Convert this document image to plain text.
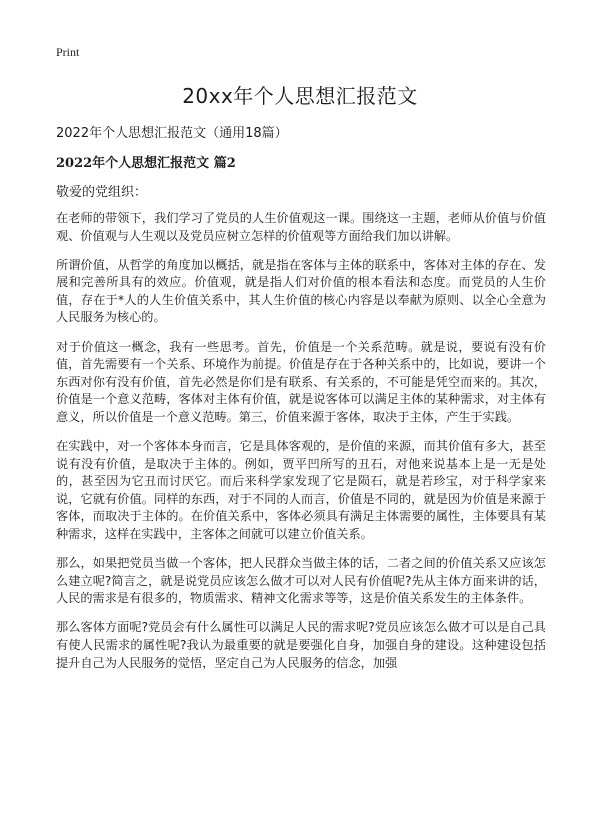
Print
20xx年个人思想汇报范文
2022年个人思想汇报范文（通用18篇）
2022年个人思想汇报范文 篇2
敬爱的党组织：

在老师的带领下，我们学习了党员的人生价值观这一课。围绕这一主题，老师从价值与价值观、价值观与人生观以及党员应树立怎样的价值观等方面给我们加以讲解。

所谓价值，从哲学的角度加以概括，就是指在客体与主体的联系中，客体对主体的存在、发展和完善所具有的效应。价值观，就是指人们对价值的根本看法和态度。而党员的人生价值，存在于*人的人生价值关系中，其人生价值的核心内容是以奉献为原则、以全心全意为人民服务为核心的。

对于价值这一概念，我有一些思考。首先，价值是一个关系范畴。就是说，要说有没有价值，首先需要有一个关系、环境作为前提。价值是存在于各种关系中的，比如说，要讲一个东西对你有没有价值，首先必然是你们是有联系、有关系的，不可能是凭空而来的。其次，价值是一个意义范畴，客体对主体有价值，就是说客体可以满足主体的某种需求，对主体有意义，所以价值是一个意义范畴。第三，价值来源于客体，取决于主体，产生于实践。

在实践中，对一个客体本身而言，它是具体客观的，是价值的来源，而其价值有多大，甚至说有没有价值，是取决于主体的。例如，贾平凹所写的丑石，对他来说基本上是一无是处的，甚至因为它丑而讨厌它。而后来科学家发现了它是陨石，就是若珍宝，对于科学家来说，它就有价值。同样的东西，对于不同的人而言，价值是不同的，就是因为价值是来源于客体，而取决于主体的。在价值关系中，客体必须具有满足主体需要的属性，主体要具有某种需求，这样在实践中，主客体之间就可以建立价值关系。

那么，如果把党员当做一个客体，把人民群众当做主体的话，二者之间的价值关系又应该怎么建立呢?简言之，就是说党员应该怎么做才可以对人民有价值呢?先从主体方面来讲的话，人民的需求是有很多的，物质需求、精神文化需求等等，这是价值关系发生的主体条件。

那么客体方面呢?党员会有什么属性可以满足人民的需求呢?党员应该怎么做才可以是自己具有使人民需求的属性呢?我认为最重要的就是要强化自身，加强自身的建设。这种建设包括提升自己为人民服务的觉悟，坚定自己为人民服务的信念，加强
